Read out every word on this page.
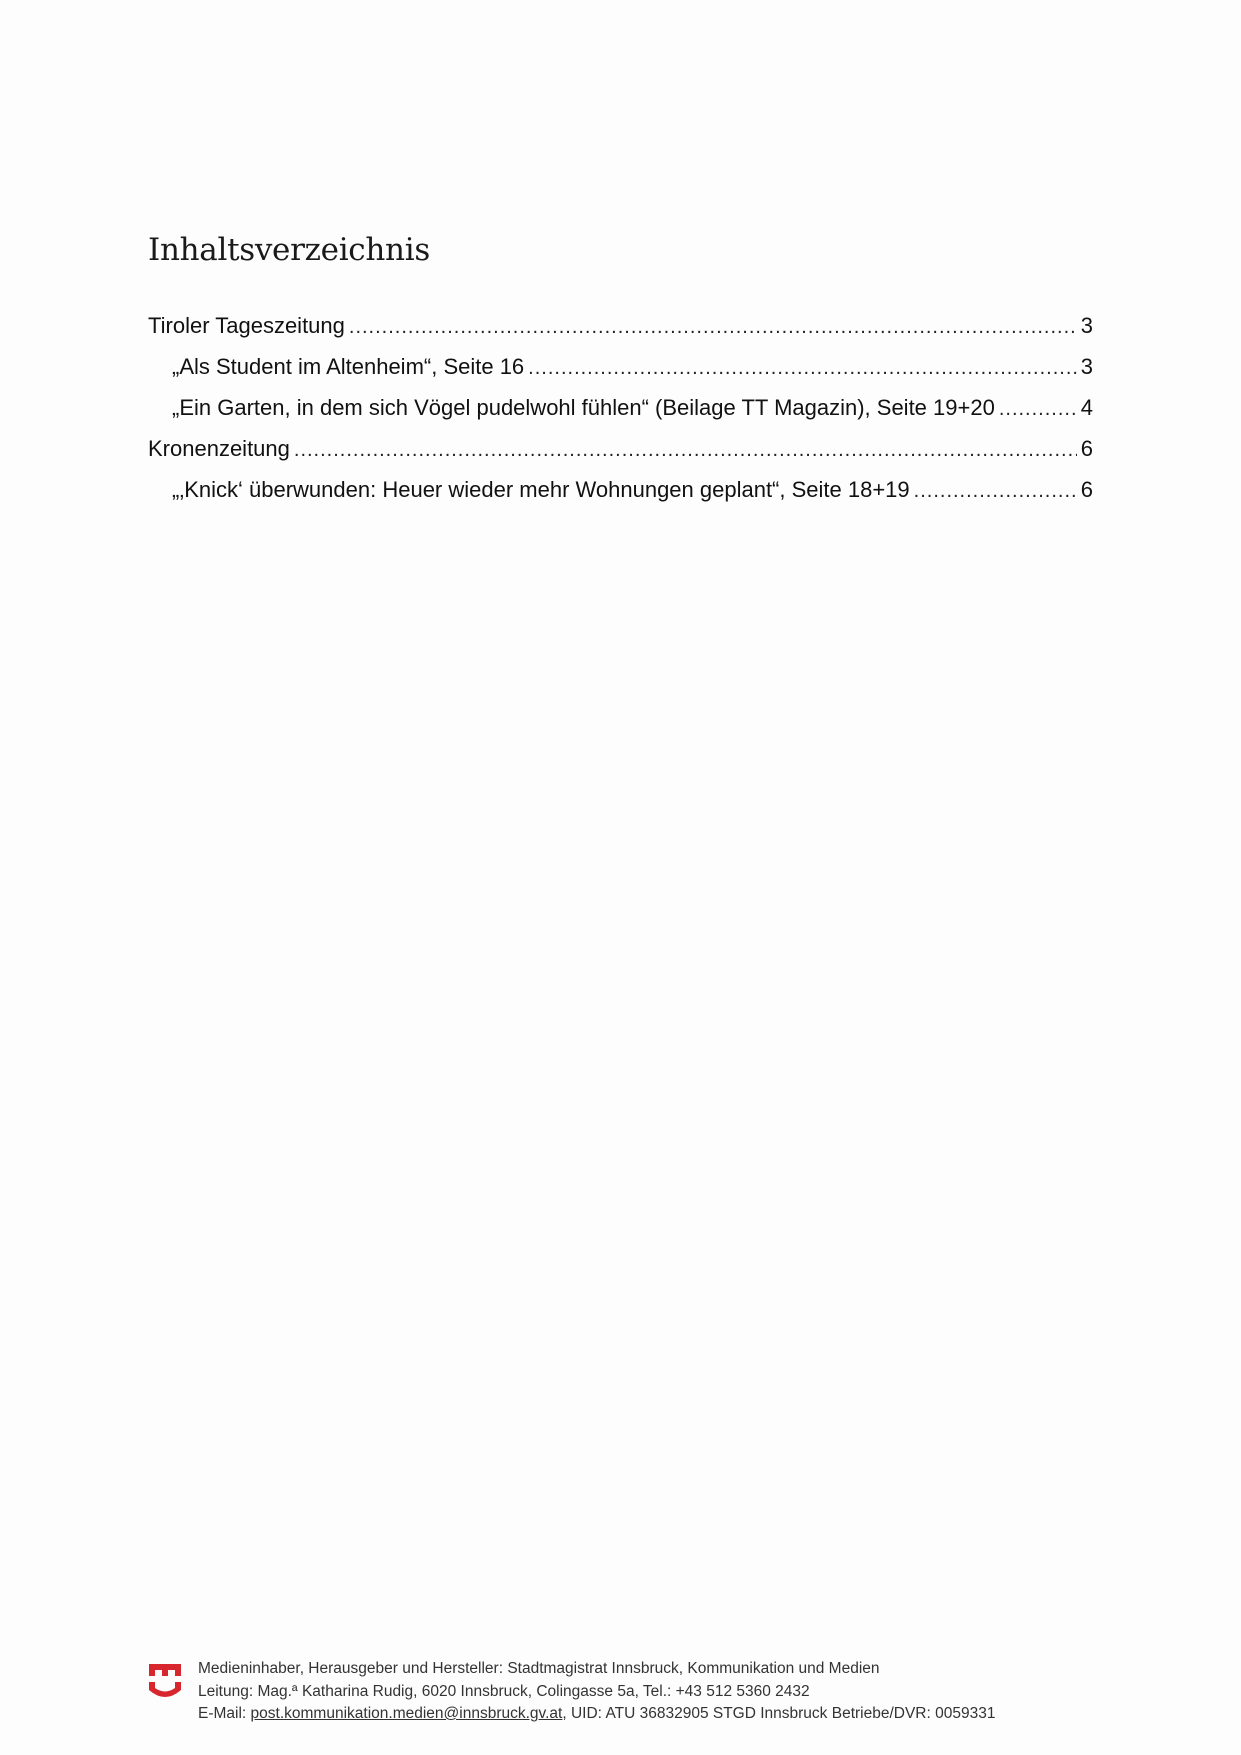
Inhaltsverzeichnis
Tiroler Tageszeitung .....	3
„Als Student im Altenheim“, Seite 16 .....	3
„Ein Garten, in dem sich Vögel pudelwohl fühlen“ (Beilage TT Magazin), Seite 19+20 .....	4
Kronenzeitung .....	6
„‚Knick‘ überwunden: Heuer wieder mehr Wohnungen geplant“, Seite 18+19 .....	6
Medieninhaber, Herausgeber und Hersteller: Stadtmagistrat Innsbruck, Kommunikation und Medien
Leitung: Mag.ª Katharina Rudig, 6020 Innsbruck, Colingasse 5a, Tel.: +43 512 5360 2432
E-Mail: post.kommunikation.medien@innsbruck.gv.at, UID: ATU 36832905 STGD Innsbruck Betriebe/DVR: 0059331
